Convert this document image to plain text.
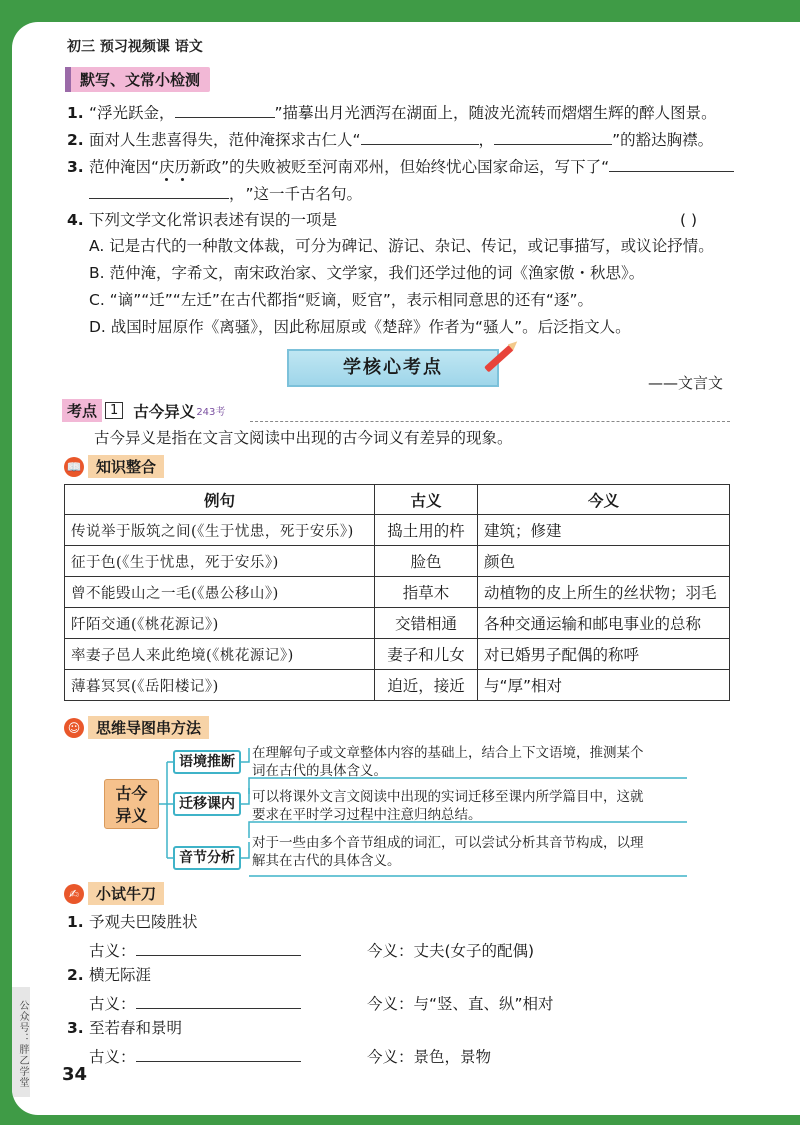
初三 预习视频课 语文
默写、文常小检测
1. “浮光跃金，	”描摹出月光洒泻在湖面上，随波光流转而熠熠生辉的醉人图景。
2. 面对人生悲喜得失，范仲淹探求古仁人“	，	”的豁达胸襟。
3. 范仲淹因“庆历新政”的失败被贬至河南邓州，但始终忧心国家命运，写下了“
，”这一千古名句。
4. 下列文学文化常识表述有误的一项是	( )
A. 记是古代的一种散文体裁，可分为碑记、游记、杂记、传记，或记事描写，或议论抒情。
B. 范仲淹，字希文，南宋政治家、文学家，我们还学过他的词《渔家傲・秋思》。
C. “谪”“迁”“左迁”在古代都指“贬谪，贬官”，表示相同意思的还有“逐”。
D. 战国时屈原作《离骚》，因此称屈原或《楚辞》作者为“骚人”。后泛指文人。
学核心考点
——文言文
考点	1 古今异义 243考
古今异义是指在文言文阅读中出现的古今词义有差异的现象。
📖 知识整合
例句	古义	今义
传说举于版筑之间(《生于忧患，死于安乐》)	捣土用的杵	建筑；修建
征于色(《生于忧患，死于安乐》)	脸色	颜色
曾不能毁山之一毛(《愚公移山》)	指草木	动植物的皮上所生的丝状物；羽毛
阡陌交通(《桃花源记》)	交错相通	各种交通运输和邮电事业的总称
率妻子邑人来此绝境(《桃花源记》)	妻子和儿女	对已婚男子配偶的称呼
薄暮冥冥(《岳阳楼记》)	迫近，接近	与“厚”相对
☺	思维导图串方法
古今
异义
语境推断
在理解句子或文章整体内容的基础上，结合上下文语境，推测某个
词在古代的具体含义。
迁移课内	可以将课外文言文阅读中出现的实词迁移至课内所学篇目中，这就
要求在平时学习过程中注意归纳总结。
音节分析
对于一些由多个音节组成的词汇，可以尝试分析其音节构成，以理
解其在古代的具体含义。
✍	小试牛刀
1. 予观夫巴陵胜状
古义：	今义：丈夫(女子的配偶)
2. 横无际涯
古义：	今义：与“竖、直、纵”相对
3. 至若春和景明
古义：	今义：景色，景物
34
公众号：胖乙学堂
